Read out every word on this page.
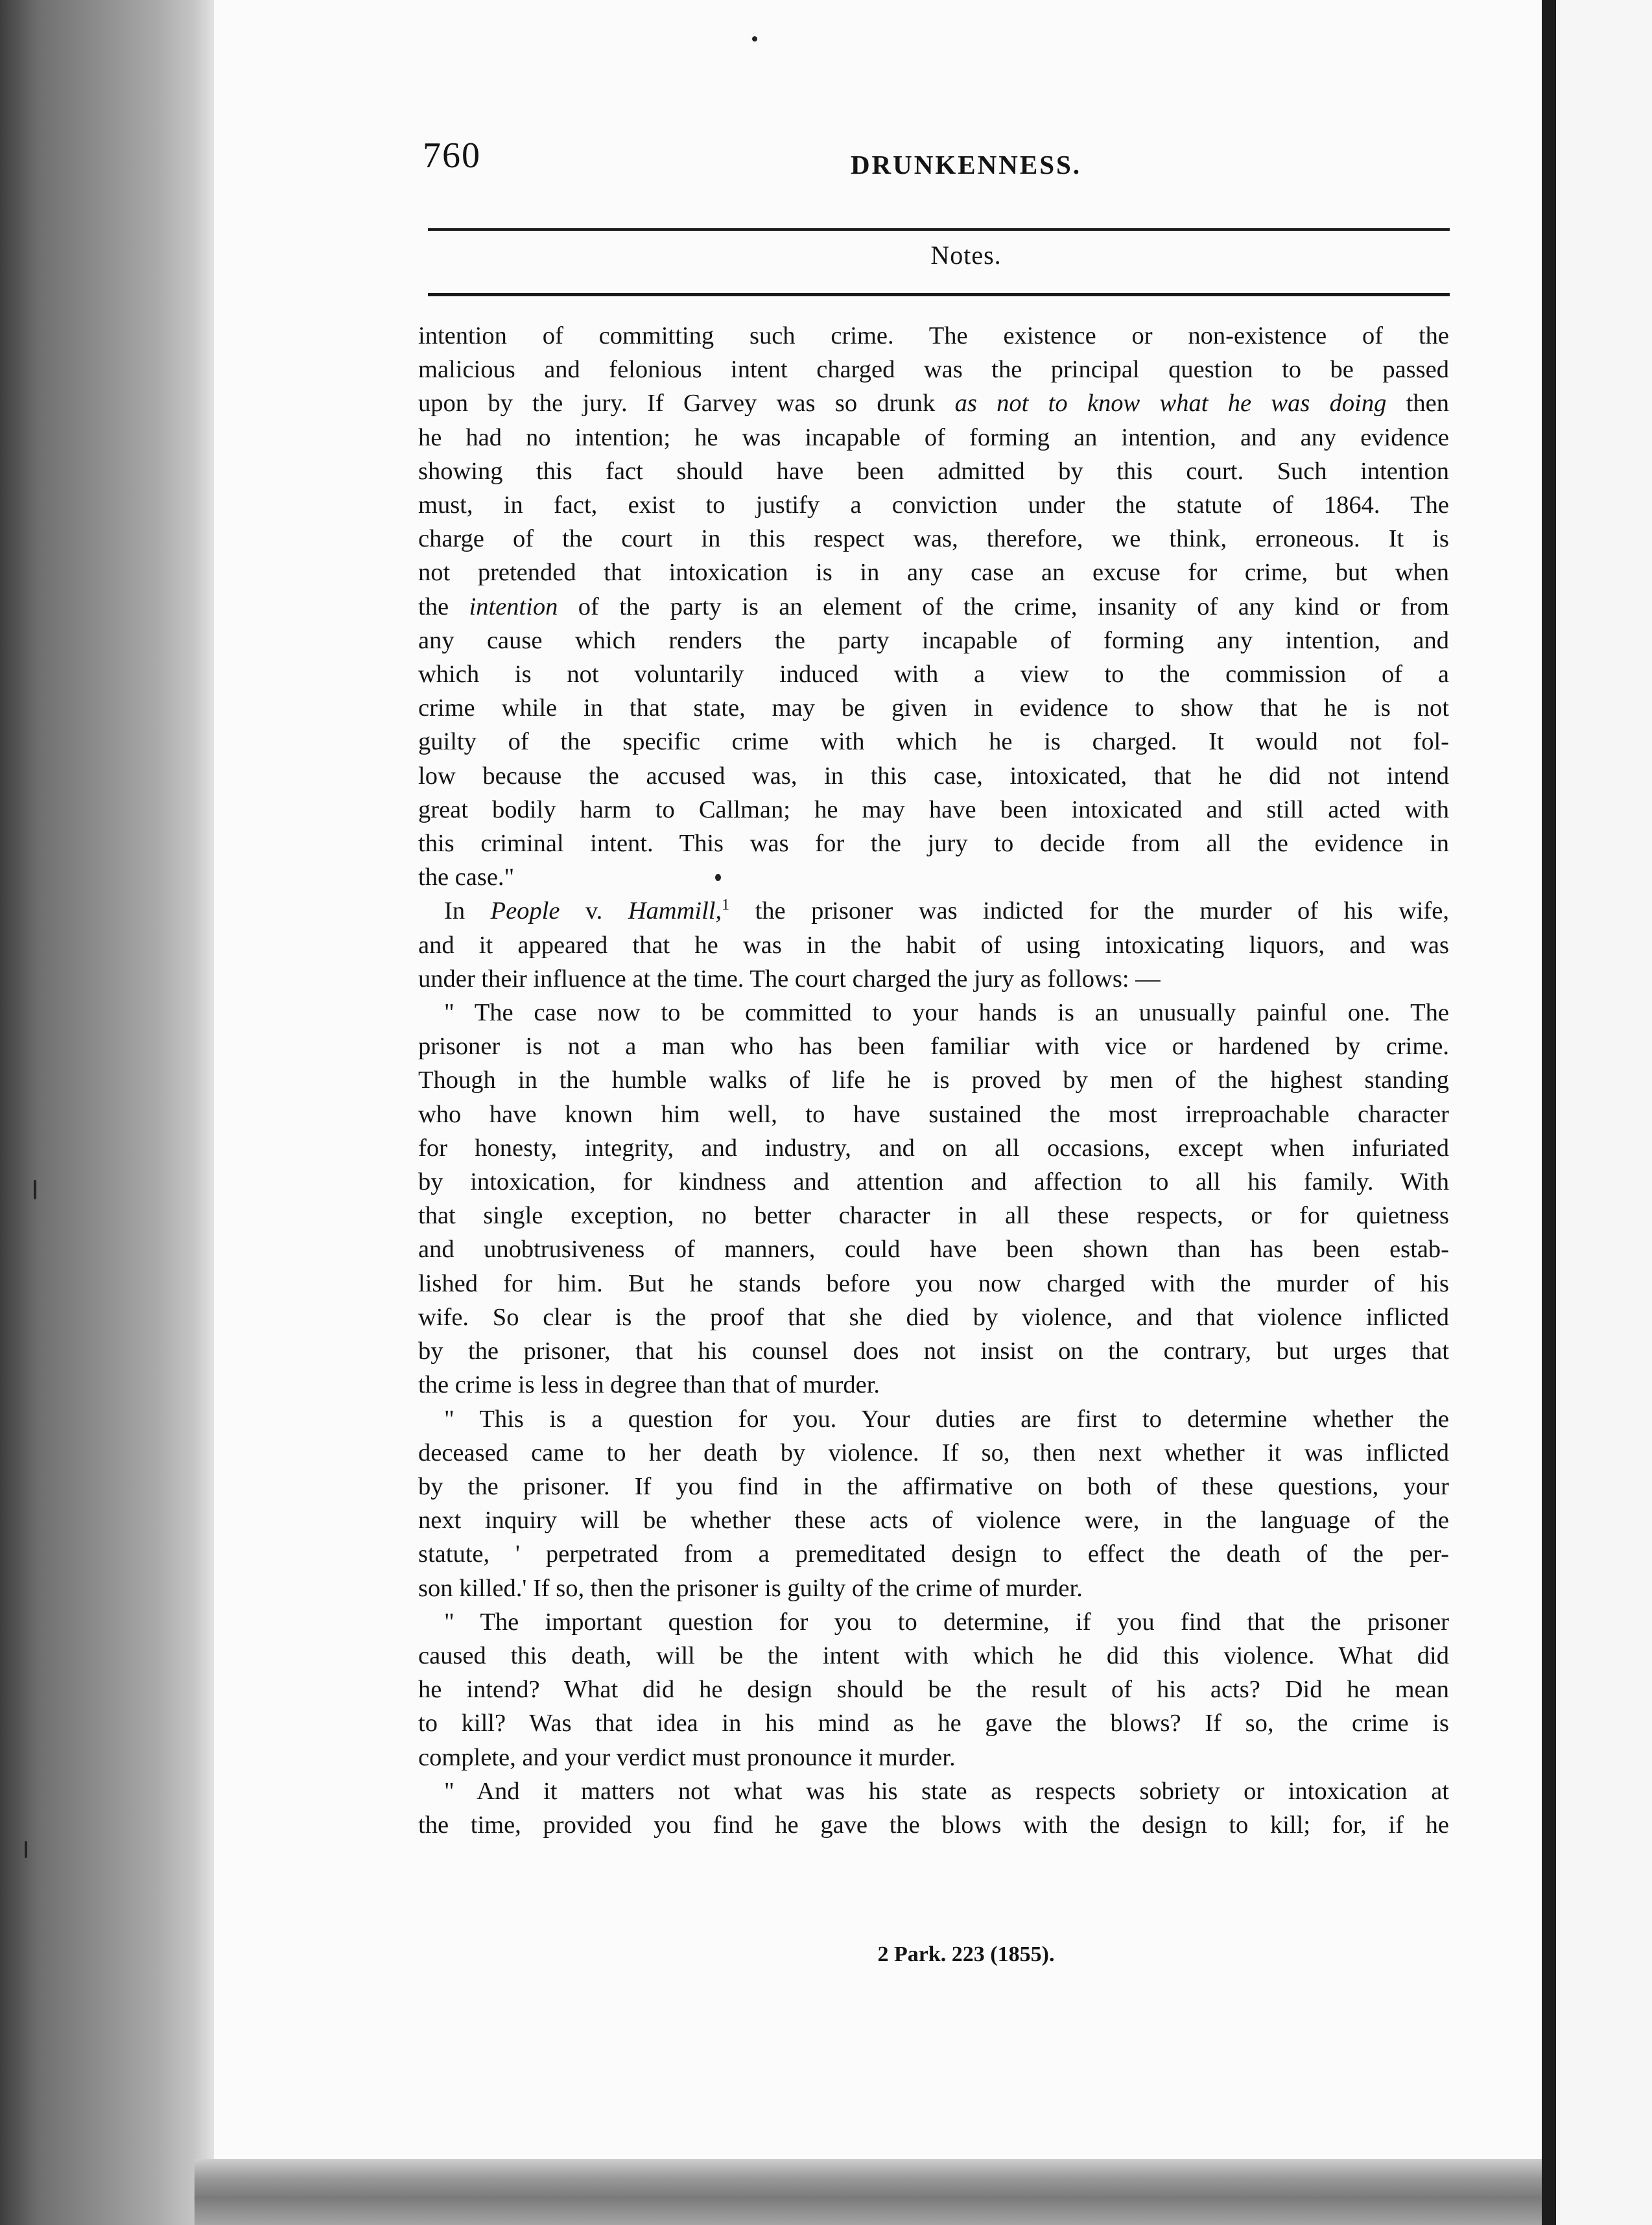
760	DRUNKENNESS.
Notes.

intention of committing such crime. The existence or non-existence of the
malicious and felonious intent charged was the principal question to be passed
upon by the jury. If Garvey was so drunk as not to know what he was doing then
he had no intention; he was incapable of forming an intention, and any evidence
showing this fact should have been admitted by this court. Such intention
must, in fact, exist to justify a conviction under the statute of 1864. The
charge of the court in this respect was, therefore, we think, erroneous. It is
not pretended that intoxication is in any case an excuse for crime, but when
the intention of the party is an element of the crime, insanity of any kind or from
any cause which renders the party incapable of forming any intention, and
which is not voluntarily induced with a view to the commission of a
crime while in that state, may be given in evidence to show that he is not
guilty of the specific crime with which he is charged. It would not fol-
low because the accused was, in this case, intoxicated, that he did not intend
great bodily harm to Callman; he may have been intoxicated and still acted with
this criminal intent. This was for the jury to decide from all the evidence in
the case."

In People v. Hammill,$^1$ the prisoner was indicted for the murder of his wife,
and it appeared that he was in the habit of using intoxicating liquors, and was
under their influence at the time. The court charged the jury as follows: —

" The case now to be committed to your hands is an unusually painful one. The
prisoner is not a man who has been familiar with vice or hardened by crime.
Though in the humble walks of life he is proved by men of the highest standing
who have known him well, to have sustained the most irreproachable character
for honesty, integrity, and industry, and on all occasions, except when infuriated
by intoxication, for kindness and attention and affection to all his family. With
that single exception, no better character in all these respects, or for quietness
and unobtrusiveness of manners, could have been shown than has been estab-
lished for him. But he stands before you now charged with the murder of his
wife. So clear is the proof that she died by violence, and that violence inflicted
by the prisoner, that his counsel does not insist on the contrary, but urges that
the crime is less in degree than that of murder.

" This is a question for you. Your duties are first to determine whether the
deceased came to her death by violence. If so, then next whether it was inflicted
by the prisoner. If you find in the affirmative on both of these questions, your
next inquiry will be whether these acts of violence were, in the language of the
statute, ' perpetrated from a premeditated design to effect the death of the per-
son killed.' If so, then the prisoner is guilty of the crime of murder.

" The important question for you to determine, if you find that the prisoner
caused this death, will be the intent with which he did this violence. What did
he intend? What did he design should be the result of his acts? Did he mean
to kill? Was that idea in his mind as he gave the blows? If so, the crime is
complete, and your verdict must pronounce it murder.

" And it matters not what was his state as respects sobriety or intoxication at
the time, provided you find he gave the blows with the design to kill; for, if he

2 Park. 223 (1855).
